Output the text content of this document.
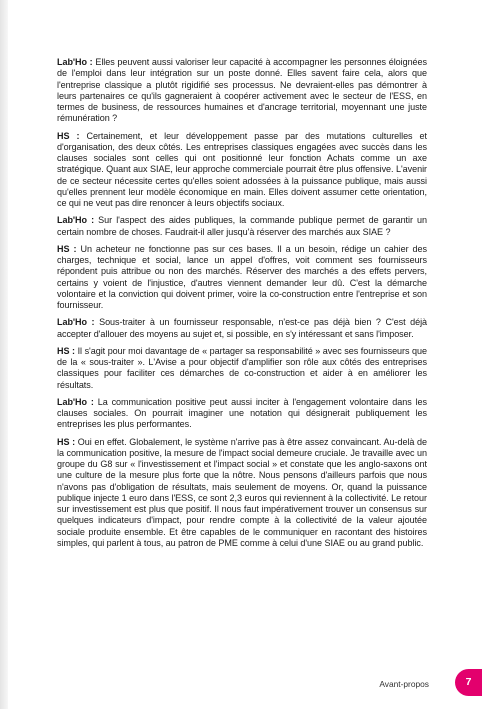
Lab'Ho : Elles peuvent aussi valoriser leur capacité à accompagner les personnes éloignées de l'emploi dans leur intégration sur un poste donné. Elles savent faire cela, alors que l'entreprise classique a plutôt rigidifié ses processus. Ne devraient-elles pas démontrer à leurs partenaires ce qu'ils gagneraient à coopérer activement avec le secteur de l'ESS, en termes de business, de ressources humaines et d'ancrage territorial, moyennant une juste rémunération ?

HS : Certainement, et leur développement passe par des mutations culturelles et d'organisation, des deux côtés. Les entreprises classiques engagées avec succès dans les clauses sociales sont celles qui ont positionné leur fonction Achats comme un axe stratégique. Quant aux SIAE, leur approche commerciale pourrait être plus offensive. L'avenir de ce secteur nécessite certes qu'elles soient adossées à la puissance publique, mais aussi qu'elles prennent leur modèle économique en main. Elles doivent assumer cette orientation, ce qui ne veut pas dire renoncer à leurs objectifs sociaux.

Lab'Ho : Sur l'aspect des aides publiques, la commande publique permet de garantir un certain nombre de choses. Faudrait-il aller jusqu'à réserver des marchés aux SIAE ?

HS : Un acheteur ne fonctionne pas sur ces bases. Il a un besoin, rédige un cahier des charges, technique et social, lance un appel d'offres, voit comment ses fournisseurs répondent puis attribue ou non des marchés. Réserver des marchés a des effets pervers, certains y voient de l'injustice, d'autres viennent demander leur dû. C'est la démarche volontaire et la conviction qui doivent primer, voire la co-construction entre l'entreprise et son fournisseur.

Lab'Ho : Sous-traiter à un fournisseur responsable, n'est-ce pas déjà bien ? C'est déjà accepter d'allouer des moyens au sujet et, si possible, en s'y intéressant et sans l'imposer.

HS : Il s'agit pour moi davantage de « partager sa responsabilité » avec ses fournisseurs que de la « sous-traiter ». L'Avise a pour objectif d'amplifier son rôle aux côtés des entreprises classiques pour faciliter ces démarches de co-construction et aider à en améliorer les résultats.

Lab'Ho : La communication positive peut aussi inciter à l'engagement volontaire dans les clauses sociales. On pourrait imaginer une notation qui désignerait publiquement les entreprises les plus performantes.

HS : Oui en effet. Globalement, le système n'arrive pas à être assez convaincant. Au-delà de la communication positive, la mesure de l'impact social demeure cruciale. Je travaille avec un groupe du G8 sur « l'investissement et l'impact social » et constate que les anglo-saxons ont une culture de la mesure plus forte que la nôtre. Nous pensons d'ailleurs parfois que nous n'avons pas d'obligation de résultats, mais seulement de moyens. Or, quand la puissance publique injecte 1 euro dans l'ESS, ce sont 2,3 euros qui reviennent à la collectivité. Le retour sur investissement est plus que positif. Il nous faut impérativement trouver un consensus sur quelques indicateurs d'impact, pour rendre compte à la collectivité de la valeur ajoutée sociale produite ensemble. Et être capables de le communiquer en racontant des histoires simples, qui parlent à tous, au patron de PME comme à celui d'une SIAE ou au grand public.

Avant-propos	7
